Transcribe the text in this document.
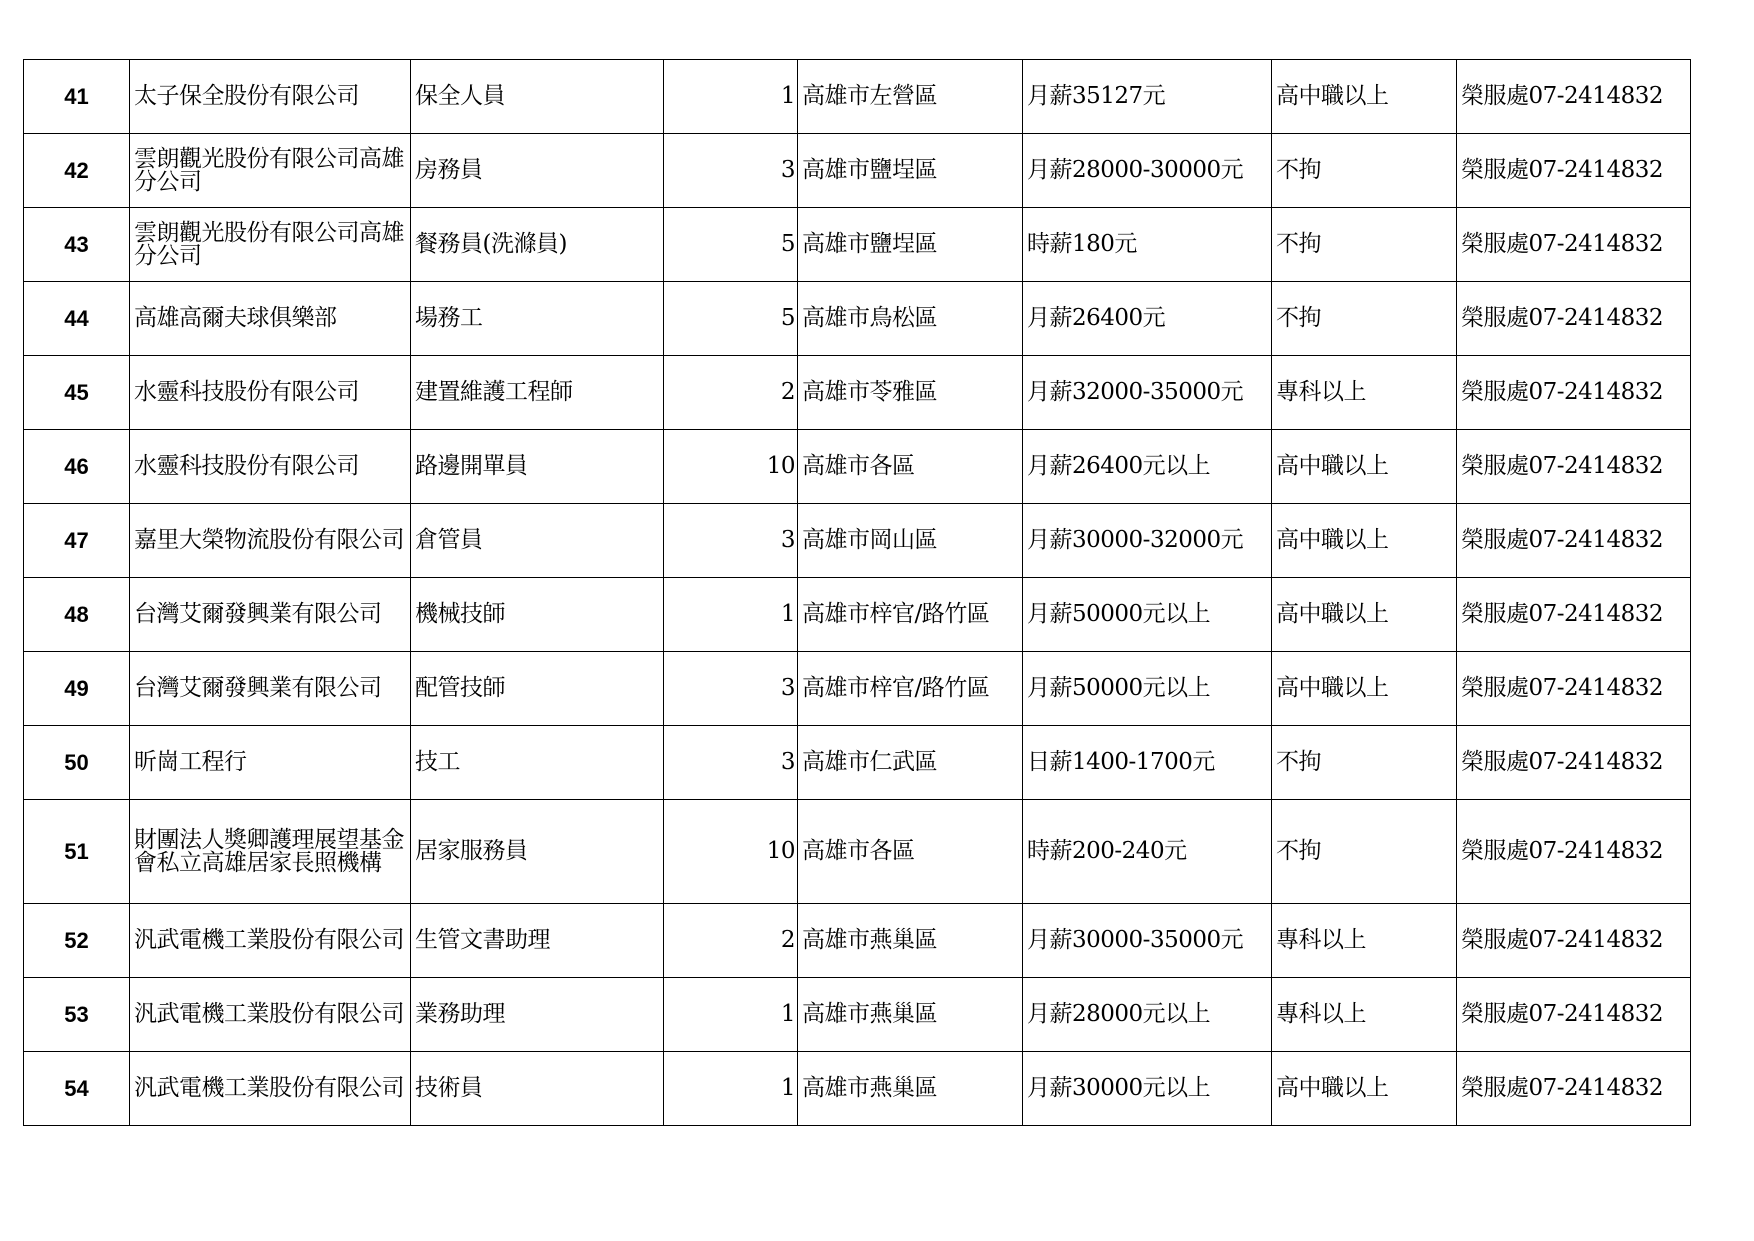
41	太子保全股份有限公司	保全人員	1	高雄市左營區	月薪35127元	高中職以上	榮服處07-2414832
42	雲朗觀光股份有限公司高雄分公司	房務員	3	高雄市鹽埕區	月薪28000-30000元	不拘	榮服處07-2414832
43	雲朗觀光股份有限公司高雄分公司	餐務員(洗滌員)	5	高雄市鹽埕區	時薪180元	不拘	榮服處07-2414832
44	高雄高爾夫球俱樂部	場務工	5	高雄市鳥松區	月薪26400元	不拘	榮服處07-2414832
45	水靈科技股份有限公司	建置維護工程師	2	高雄市苓雅區	月薪32000-35000元	專科以上	榮服處07-2414832
46	水靈科技股份有限公司	路邊開單員	10	高雄市各區	月薪26400元以上	高中職以上	榮服處07-2414832
47	嘉里大榮物流股份有限公司	倉管員	3	高雄市岡山區	月薪30000-32000元	高中職以上	榮服處07-2414832
48	台灣艾爾發興業有限公司	機械技師	1	高雄市梓官/路竹區	月薪50000元以上	高中職以上	榮服處07-2414832
49	台灣艾爾發興業有限公司	配管技師	3	高雄市梓官/路竹區	月薪50000元以上	高中職以上	榮服處07-2414832
50	昕崗工程行	技工	3	高雄市仁武區	日薪1400-1700元	不拘	榮服處07-2414832
51	財團法人獎卿護理展望基金會私立高雄居家長照機構	居家服務員	10	高雄市各區	時薪200-240元	不拘	榮服處07-2414832
52	汎武電機工業股份有限公司	生管文書助理	2	高雄市燕巢區	月薪30000-35000元	專科以上	榮服處07-2414832
53	汎武電機工業股份有限公司	業務助理	1	高雄市燕巢區	月薪28000元以上	專科以上	榮服處07-2414832
54	汎武電機工業股份有限公司	技術員	1	高雄市燕巢區	月薪30000元以上	高中職以上	榮服處07-2414832
